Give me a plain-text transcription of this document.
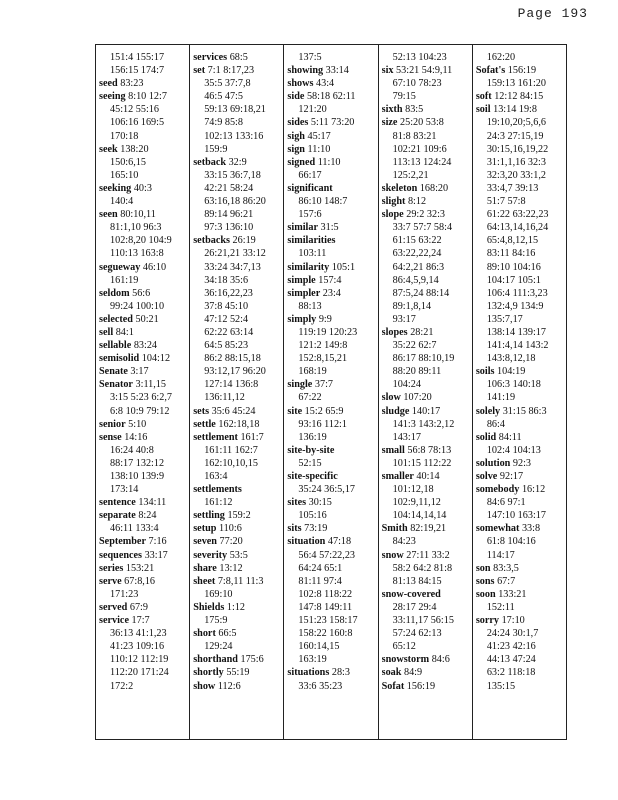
Page 193
151:4 155:17
156:15 174:7
seed 83:23
seeing 8:10 12:7
45:12 55:16
106:16 169:5
170:18
seek 138:20
150:6,15
165:10
seeking 40:3
140:4
seen 80:10,11
81:1,10 96:3
102:8,20 104:9
110:13 163:8
segueway 46:10
161:19
seldom 56:6
99:24 100:10
selected 50:21
sell 84:1
sellable 83:24
semisolid 104:12
Senate 3:17
Senator 3:11,15
3:15 5:23 6:2,7
6:8 10:9 79:12
senior 5:10
sense 14:16
16:24 40:8
88:17 132:12
138:10 139:9
173:14
sentence 134:11
separate 8:24
46:11 133:4
September 7:16
sequences 33:17
series 153:21
serve 67:8,16
171:23
served 67:9
service 17:7
36:13 41:1,23
41:23 109:16
110:12 112:19
112:20 171:24
172:2
services 68:5
set 7:1 8:17,23
35:5 37:7,8
46:5 47:5
59:13 69:18,21
74:9 85:8
102:13 133:16
159:9
setback 32:9
33:15 36:7,18
42:21 58:24
63:16,18 86:20
89:14 96:21
97:3 136:10
setbacks 26:19
26:21,21 33:12
33:24 34:7,13
34:18 35:6
36:16,22,23
37:8 45:10
47:12 52:4
62:22 63:14
64:5 85:23
86:2 88:15,18
93:12,17 96:20
127:14 136:8
136:11,12
sets 35:6 45:24
settle 162:18,18
settlement 161:7
161:11 162:7
162:10,10,15
163:4
settlements
161:12
settling 159:2
setup 110:6
seven 77:20
severity 53:5
share 13:12
sheet 7:8,11 11:3
169:10
Shields 1:12
175:9
short 66:5
129:24
shorthand 175:6
shortly 55:19
show 112:6
137:5
showing 33:14
shows 43:4
side 58:18 62:11
121:20
sides 5:11 73:20
sigh 45:17
sign 11:10
signed 11:10
66:17
significant
86:10 148:7
157:6
similar 31:5
similarities
103:11
similarity 105:1
simple 157:4
simpler 23:4
88:13
simply 9:9
119:19 120:23
121:2 149:8
152:8,15,21
168:19
single 37:7
67:22
site 15:2 65:9
93:16 112:1
136:19
site-by-site
52:15
site-specific
35:24 36:5,17
sites 30:15
105:16
sits 73:19
situation 47:18
56:4 57:22,23
64:24 65:1
81:11 97:4
102:8 118:22
147:8 149:11
151:23 158:17
158:22 160:8
160:14,15
163:19
situations 28:3
33:6 35:23
52:13 104:23
six 53:21 54:9,11
67:10 78:23
79:15
sixth 83:5
size 25:20 53:8
81:8 83:21
102:21 109:6
113:13 124:24
125:2,21
skeleton 168:20
slight 8:12
slope 29:2 32:3
33:7 57:7 58:4
61:15 63:22
63:22,22,24
64:2,21 86:3
86:4,5,9,14
87:5,24 88:14
89:1,8,14
93:17
slopes 28:21
35:22 62:7
86:17 88:10,19
88:20 89:11
104:24
slow 107:20
sludge 140:17
141:3 143:2,12
143:17
small 56:8 78:13
101:15 112:22
smaller 40:14
101:12,18
102:9,11,12
104:14,14,14
Smith 82:19,21
84:23
snow 27:11 33:2
58:2 64:2 81:8
81:13 84:15
snow-covered
28:17 29:4
33:11,17 56:15
57:24 62:13
65:12
snowstorm 84:6
soak 84:9
Sofat 156:19
162:20
Sofat's 156:19
159:13 161:20
soft 12:12 84:15
soil 13:14 19:8
19:10,20;5,6,6
24:3 27:15,19
30:15,16,19,22
31:1,1,16 32:3
32:3,20 33:1,2
33:4,7 39:13
51:7 57:8
61:22 63:22,23
64:13,14,16,24
65:4,8,12,15
83:11 84:16
89:10 104:16
104:17 105:1
106:4 111:3,23
132:4,9 134:9
135:7,17
138:14 139:17
141:4,14 143:2
143:8,12,18
soils 104:19
106:3 140:18
141:19
solely 31:15 86:3
86:4
solid 84:11
102:4 104:13
solution 92:3
solve 92:17
somebody 16:12
84:6 97:1
147:10 163:17
somewhat 33:8
61:8 104:16
114:17
son 83:3,5
sons 67:7
soon 133:21
152:11
sorry 17:10
24:24 30:1,7
41:23 42:16
44:13 47:24
63:2 118:18
135:15
